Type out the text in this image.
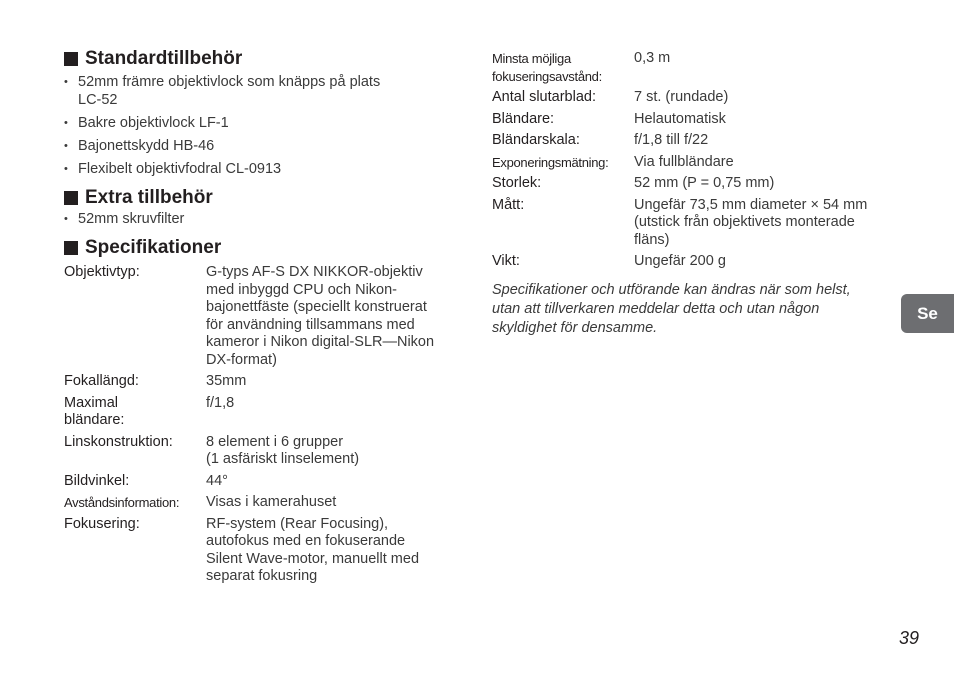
Standardtillbehör
• 52mm främre objektivlock som knäpps på plats
LC-52
• Bakre objektivlock LF-1
• Bajonettskydd HB-46
• Flexibelt objektivfodral CL-0913
Extra tillbehör
• 52mm skruvfilter
Specifikationer
Objektivtyp:	G-typs AF-S DX NIKKOR-objektiv
med inbyggd CPU och Nikon-
bajonettfäste (speciellt konstruerat
för användning tillsammans med
kameror i Nikon digital-SLR—Nikon
DX-format)
Fokallängd:	35mm
Maximal bländare:
f/1,8
Linskonstruktion:	8 element i 6 grupper
(1 asfäriskt linselement)
Bildvinkel:	44°
Avståndsinformation:	Visas i kamerahuset
Fokusering:	RF-system (Rear Focusing),
autofokus med en fokuserande
Silent Wave-motor, manuellt med
separat fokusring
Minsta möjliga fokuseringsavstånd:
0,3 m
Antal slutarblad:	7 st. (rundade)
Bländare:	Helautomatisk
Bländarskala:	f/1,8 till f/22
Exponeringsmätning:	Via fullbländare
Storlek:	52 mm (P = 0,75 mm)
Mått:	Ungefär 73,5 mm diameter × 54 mm
(utstick från objektivets monterade
fläns)
Vikt:	Ungefär 200 g
Specifikationer och utförande kan ändras när som helst, utan att tillverkaren meddelar detta och utan någon skyldighet för densamme.
Se
39
